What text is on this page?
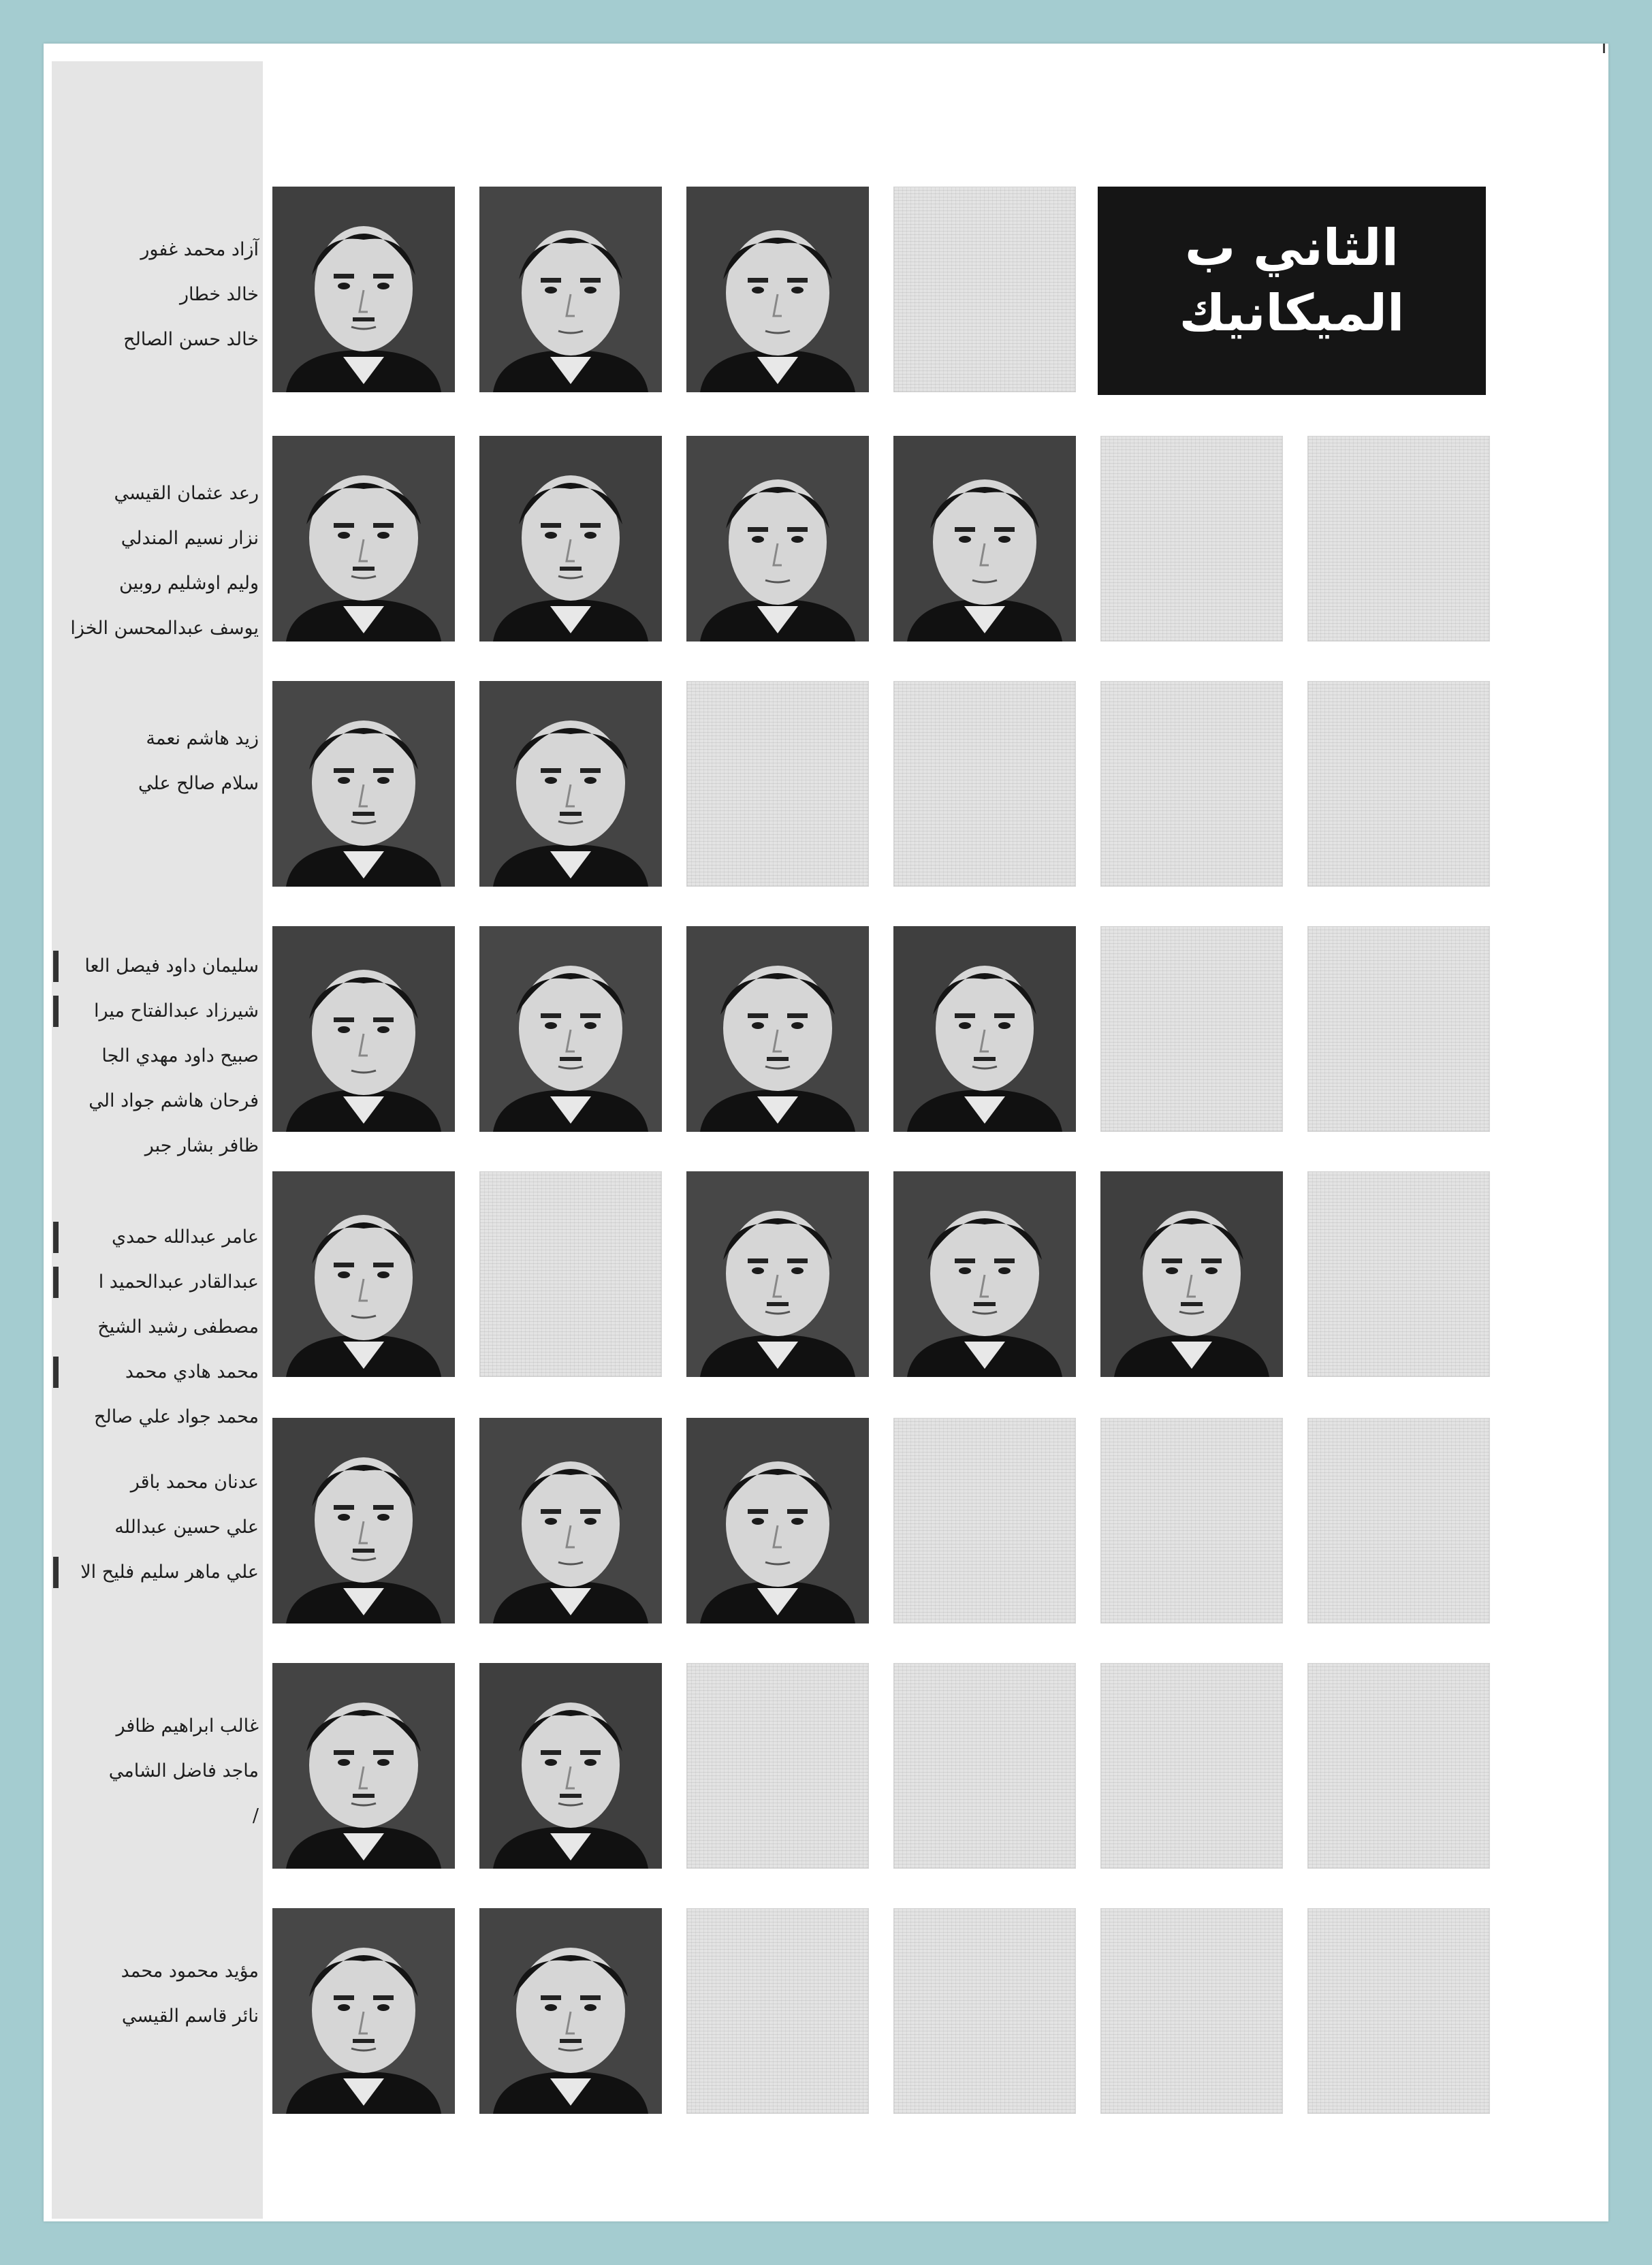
الثاني ب
الميكانيك
آزاد محمد غفور
خالد خطار
خالد حسن الصالح
رعد عثمان القيسي
نزار نسيم المندلي
وليم اوشليم روبين
يوسف عبدالمحسن الخزا
زيد هاشم نعمة
سلام صالح علي
سليمان داود فيصل العا
شيرزاد عبدالفتاح ميرا
صبيح داود مهدي الجا
فرحان هاشم جواد الي
ظافر بشار جبر
عامر عبدالله حمدي
عبدالقادر عبدالحميد ا
مصطفى رشيد الشيخ
محمد هادي محمد
محمد جواد علي صالح
عدنان محمد باقر
علي حسين عبدالله
علي ماهر سليم فليح الا
غالب ابراهيم ظافر
ماجد فاضل الشامي
/
مؤيد محمود محمد
نائر قاسم القيسي
